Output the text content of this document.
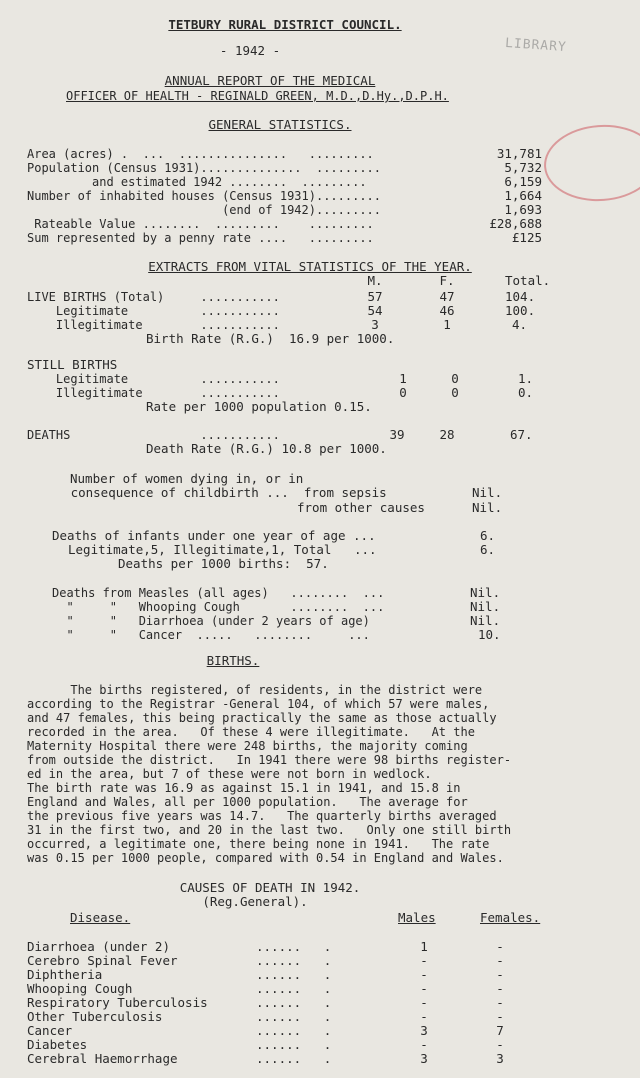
LIBRARY
TETBURY RURAL DISTRICT COUNCIL.
- 1942 -
ANNUAL REPORT OF THE MEDICAL
OFFICER OF HEALTH - REGINALD GREEN, M.D.,D.Hy.,D.P.H.
GENERAL STATISTICS.
Area (acres) .  ...  ...............   .........	31,781
Population (Census 1931)..............  .........	5,732
and estimated 1942 ........  .........	6,159
Number of inhabited houses (Census 1931).........	1,664
(end of 1942).........	1,693
Rateable Value ........  .........    .........	£28,688
Sum represented by a penny rate ....   .........	£125
EXTRACTS FROM VITAL STATISTICS OF THE YEAR.
M.	F.	Total.
LIVE BIRTHS (Total)     ...........	57	47	104.
Legitimate          ...........	54	46	100.
Illegitimate        ...........	3	1	4.
Birth Rate (R.G.)  16.9 per 1000.
STILL BIRTHS
Legitimate          ...........	1	0	1.
Illegitimate        ...........	0	0	0.
Rate per 1000 population 0.15.
DEATHS                  ...........	39	28	67.
Death Rate (R.G.) 10.8 per 1000.
Number of women dying in, or in
consequence of childbirth ...  from sepsis	Nil.
from other causes	Nil.
Deaths of infants under one year of age ...	6.
Legitimate,5, Illegitimate,1, Total   ...	6.
Deaths per 1000 births:  57.
Deaths from Measles (all ages)   ........  ...	Nil.
"     "   Whooping Cough       ........  ...	Nil.
"     "   Diarrhoea (under 2 years of age)	Nil.
"     "   Cancer  .....   ........     ...	10.
BIRTHS.
The births registered, of residents, in the district were
according to the Registrar -General 104, of which 57 were males,
and 47 females, this being practically the same as those actually
recorded in the area.   Of these 4 were illegitimate.   At the
Maternity Hospital there were 248 births, the majority coming
from outside the district.   In 1941 there were 98 births register-
ed in the area, but 7 of these were not born in wedlock.
The birth rate was 16.9 as against 15.1 in 1941, and 15.8 in
England and Wales, all per 1000 population.   The average for
the previous five years was 14.7.   The quarterly births averaged
31 in the first two, and 20 in the last two.   Only one still birth
occurred, a legitimate one, there being none in 1941.   The rate
was 0.15 per 1000 people, compared with 0.54 in England and Wales.
CAUSES OF DEATH IN 1942.
(Reg.General).
Disease.	Males	Females.
Diarrhoea (under 2)	......   .	1	-
Cerebro Spinal Fever	......   .	-	-
Diphtheria	......   .	-	-
Whooping Cough	......   .	-	-
Respiratory Tuberculosis	......   .	-	-
Other Tuberculosis	......   .	-	-
Cancer	......   .	3	7
Diabetes	......   .	-	-
Cerebral Haemorrhage	......   .	3	3
